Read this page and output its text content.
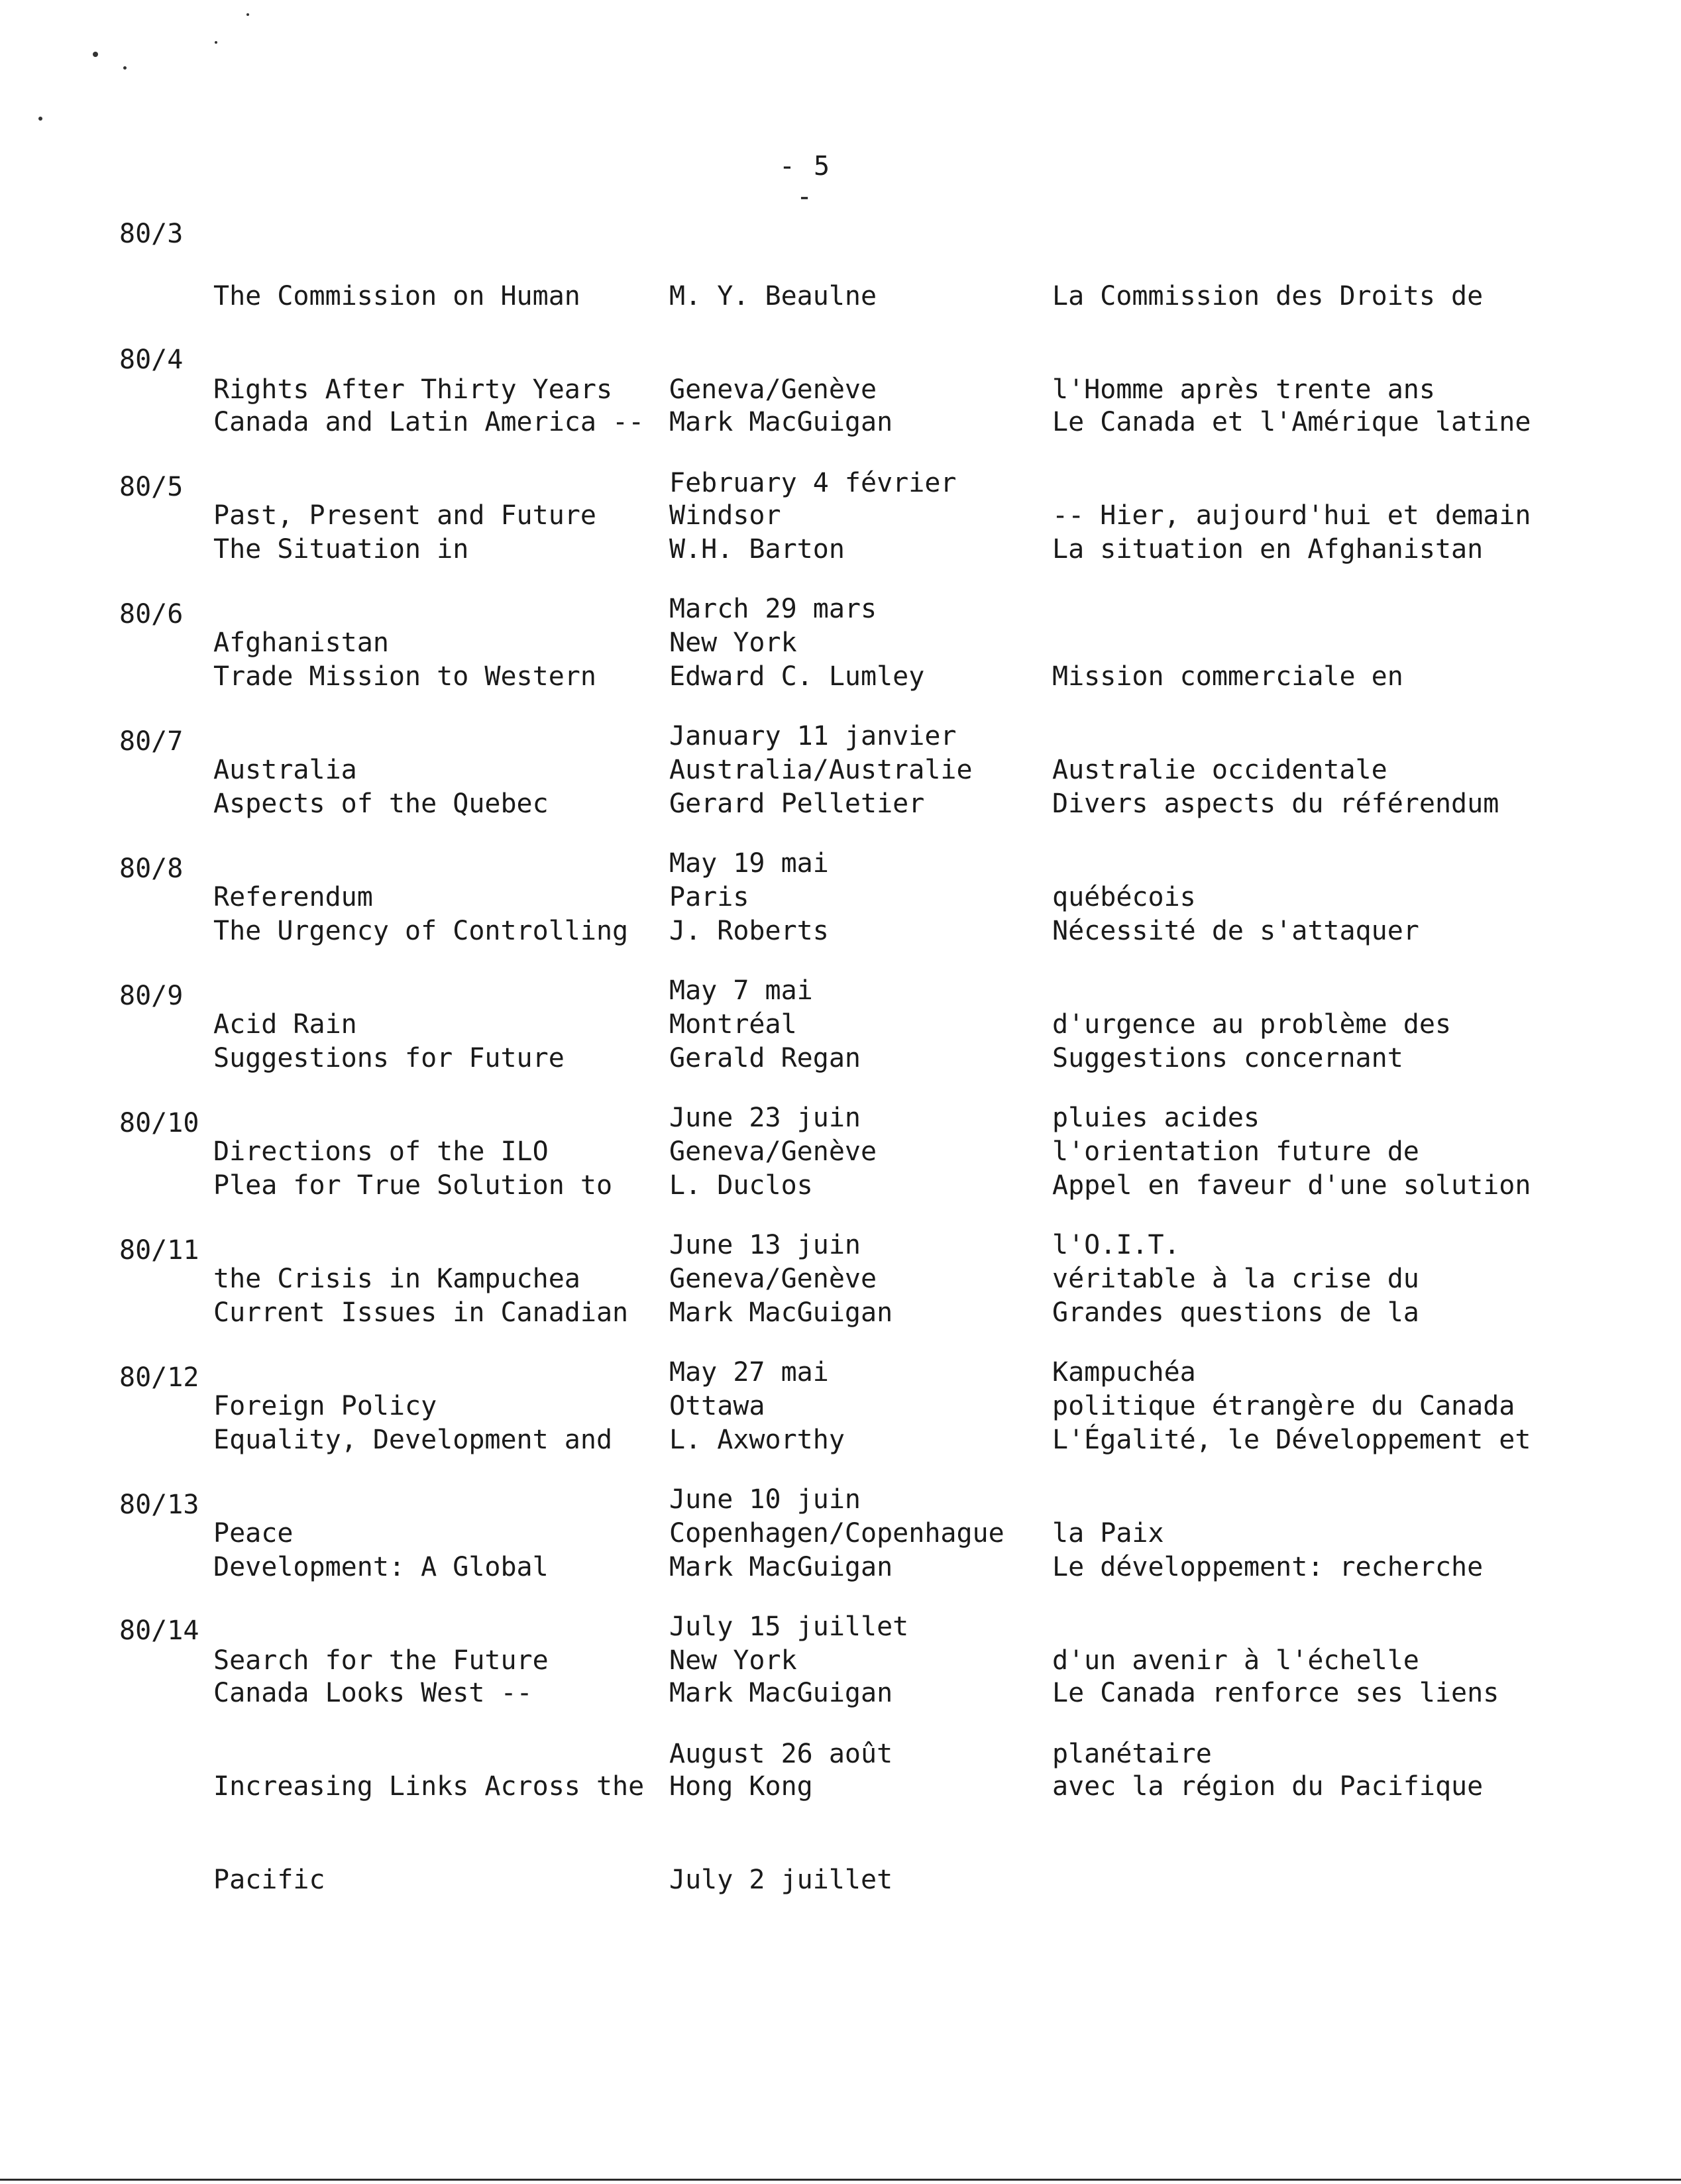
- 5 -
80/3

The Commission on Human

Rights After Thirty Years

M. Y. Beaulne

Geneva/Genève

February 4 février

La Commission des Droits de

l'Homme après trente ans

80/4

Canada and Latin America --

Past, Present and Future

Mark MacGuigan

Windsor

March 29 mars

Le Canada et l'Amérique latine

-- Hier, aujourd'hui et demain

80/5

The Situation in

Afghanistan

W.H. Barton

New York

January 11 janvier

La situation en Afghanistan

80/6

Trade Mission to Western

Australia

Edward C. Lumley

Australia/Australie

May 19 mai

Mission commerciale en

Australie occidentale

80/7

Aspects of the Quebec

Referendum

Gerard Pelletier

Paris

May 7 mai

Divers aspects du référendum

québécois

80/8

The Urgency of Controlling

Acid Rain

J. Roberts

Montréal

June 23 juin

Nécessité de s'attaquer

d'urgence au problème des

pluies acides

80/9

Suggestions for Future

Directions of the ILO

Gerald Regan

Geneva/Genève

June 13 juin

Suggestions concernant

l'orientation future de

l'O.I.T.

80/10

Plea for True Solution to

the Crisis in Kampuchea

L. Duclos

Geneva/Genève

May 27 mai

Appel en faveur d'une solution

véritable à la crise du

Kampuchéa

80/11

Current Issues in Canadian

Foreign Policy

Mark MacGuigan

Ottawa

June 10 juin

Grandes questions de la

politique étrangère du Canada

80/12

Equality, Development and

Peace

L. Axworthy

Copenhagen/Copenhague

July 15 juillet

L'Égalité, le Développement et

la Paix

80/13

Development: A Global

Search for the Future

Mark MacGuigan

New York

August 26 août

Le développement: recherche

d'un avenir à l'échelle

planétaire

80/14

Canada Looks West --

Increasing Links Across the

Pacific

Mark MacGuigan

Hong Kong

July 2 juillet

Le Canada renforce ses liens

avec la région du Pacifique
